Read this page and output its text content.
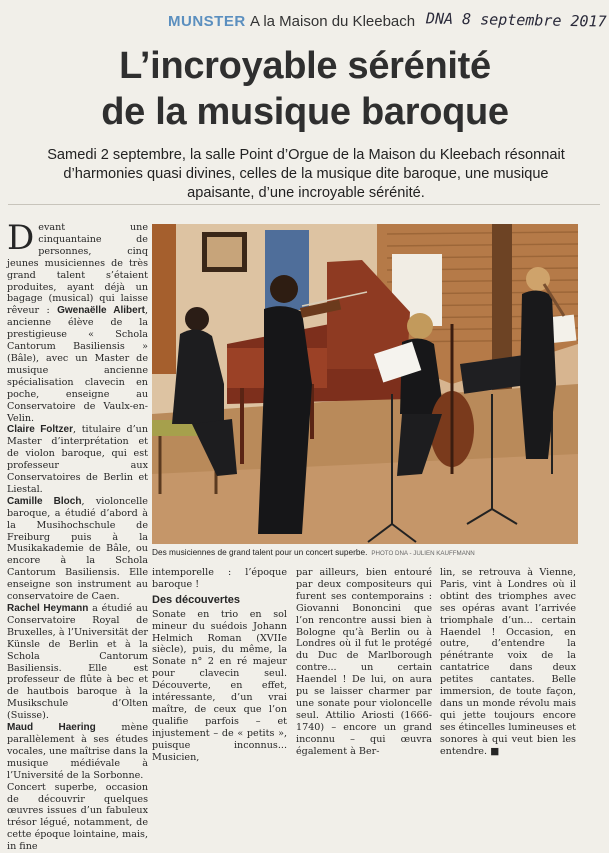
MUNSTER A la Maison du Kleebach DNA 8 septembre 2017
L’incroyable sérénité
de la musique baroque
Samedi 2 septembre, la salle Point d’Orgue de la Maison du Kleebach résonnait
d’harmonies quasi divines, celles de la musique dite baroque, une musique
apaisante, d’une incroyable sérénité.

Devant une cinquantaine de personnes, cinq jeunes musiciennes de très grand talent s’étaient produites, ayant déjà un bagage (musical) qui laisse rêveur : Gwenaëlle Alibert, ancienne élève de la prestigieuse « Schola Cantorum Basiliensis » (Bâle), avec un Master de musique ancienne spécialisation clavecin en poche, enseigne au Conservatoire de Vaulx-en-Velin.

Claire Foltzer, titulaire d’un Master d’interprétation et de violon baroque, qui est professeur aux Conservatoires de Berlin et Liestal.

Camille Bloch, violoncelle baroque, a étudié d’abord à la Musihochschule de Freiburg puis à la Musikakademie de Bâle, ou encore à la Schola Cantorum Basiliensis. Elle enseigne son instrument au conservatoire de Caen.

Rachel Heymann a étudié au Conservatoire Royal de Bruxelles, à l’Universität der Künsle de Berlin et à la Schola Cantorum Basiliensis. Elle est professeur de flûte à bec et de hautbois baroque à la Musikschule d’Olten (Suisse).

Maud Haering mène parallèlement à ses études vocales, une maîtrise dans la musique médiévale à l’Université de la Sorbonne.

Concert superbe, occasion de découvrir quelques œuvres issues d’un fabuleux trésor légué, notamment, de cette époque lointaine, mais, in fine

Des musiciennes de grand talent pour un concert superbe. PHOTO DNA - JULIEN KAUFFMANN

intemporelle : l’époque baroque !

Des découvertes

Sonate en trio en sol mineur du suédois Johann Helmich Roman (XVIIe siècle), puis, du même, la Sonate n° 2 en ré majeur pour clavecin seul. Découverte, en effet, intéressante, d’un vrai maître, de ceux que l’on qualifie parfois – et injustement – de « petits », puisque inconnus... Musicien,

par ailleurs, bien entouré par deux compositeurs qui furent ses contemporains : Giovanni Bononcini que l’on rencontre aussi bien à Bologne qu’à Berlin ou à Londres où il fut le protégé du Duc de Marlborough contre... un certain Haendel ! De lui, on aura pu se laisser charmer par une sonate pour violoncelle seul. Attilio Ariosti (1666-1740) – encore un grand inconnu – qui œuvra également à Ber-

lin, se retrouva à Vienne, Paris, vint à Londres où il obtint des triomphes avec ses opéras avant l’arrivée triomphale d’un... certain Haendel ! Occasion, en outre, d’entendre la pénétrante voix de la cantatrice dans deux petites cantates. Belle immersion, de toute façon, dans un monde révolu mais qui jette toujours encore ses étincelles lumineuses et sonores à qui veut bien les entendre. ■
